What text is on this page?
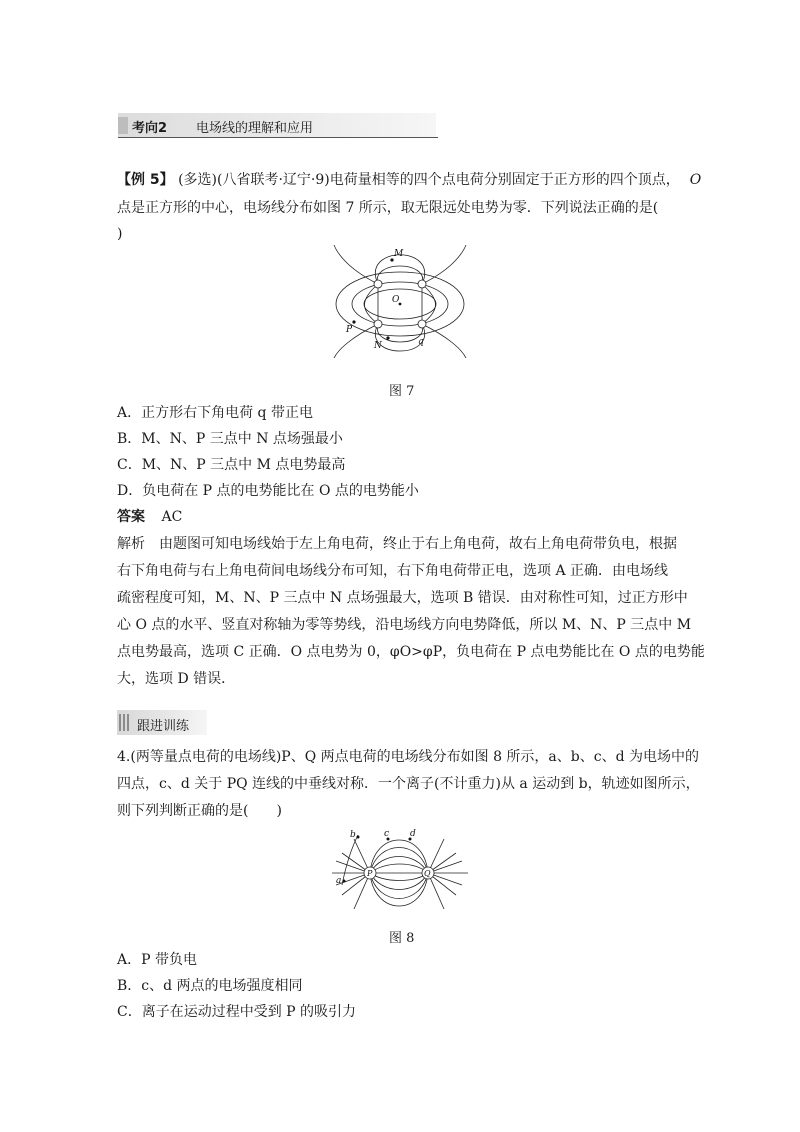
考向2 电场线的理解和应用
【例 5】 (多选)(八省联考·辽宁·9)电荷量相等的四个点电荷分别固定于正方形的四个顶点， O
点是正方形的中心，电场线分布如图 7 所示，取无限远处电势为零．下列说法正确的是(
)
M
O
P
N	q
图 7
A．正方形右下角电荷 q 带正电
B．M、N、P 三点中 N 点场强最小
C．M、N、P 三点中 M 点电势最高
D．负电荷在 P 点的电势能比在 O 点的电势能小
答案 AC
解析　由题图可知电场线始于左上角电荷，终止于右上角电荷，故右上角电荷带负电，根据
右下角电荷与右上角电荷间电场线分布可知，右下角电荷带正电，选项 A 正确．由电场线
疏密程度可知，M、N、P 三点中 N 点场强最大，选项 B 错误．由对称性可知，过正方形中
心 O 点的水平、竖直对称轴为零等势线，沿电场线方向电势降低，所以 M、N、P 三点中 M
点电势最高，选项 C 正确．O 点电势为 0，φO>φP，负电荷在 P 点电势能比在 O 点的电势能
大，选项 D 错误．
跟进训练
4.(两等量点电荷的电场线)P、Q 两点电荷的电场线分布如图 8 所示，a、b、c、d 为电场中的
四点，c、d 关于 PQ 连线的中垂线对称．一个离子(不计重力)从 a 运动到 b，轨迹如图所示，
则下列判断正确的是(　　)
a
b	c d
P	Q
图 8
A．P 带负电
B．c、d 两点的电场强度相同
C．离子在运动过程中受到 P 的吸引力
